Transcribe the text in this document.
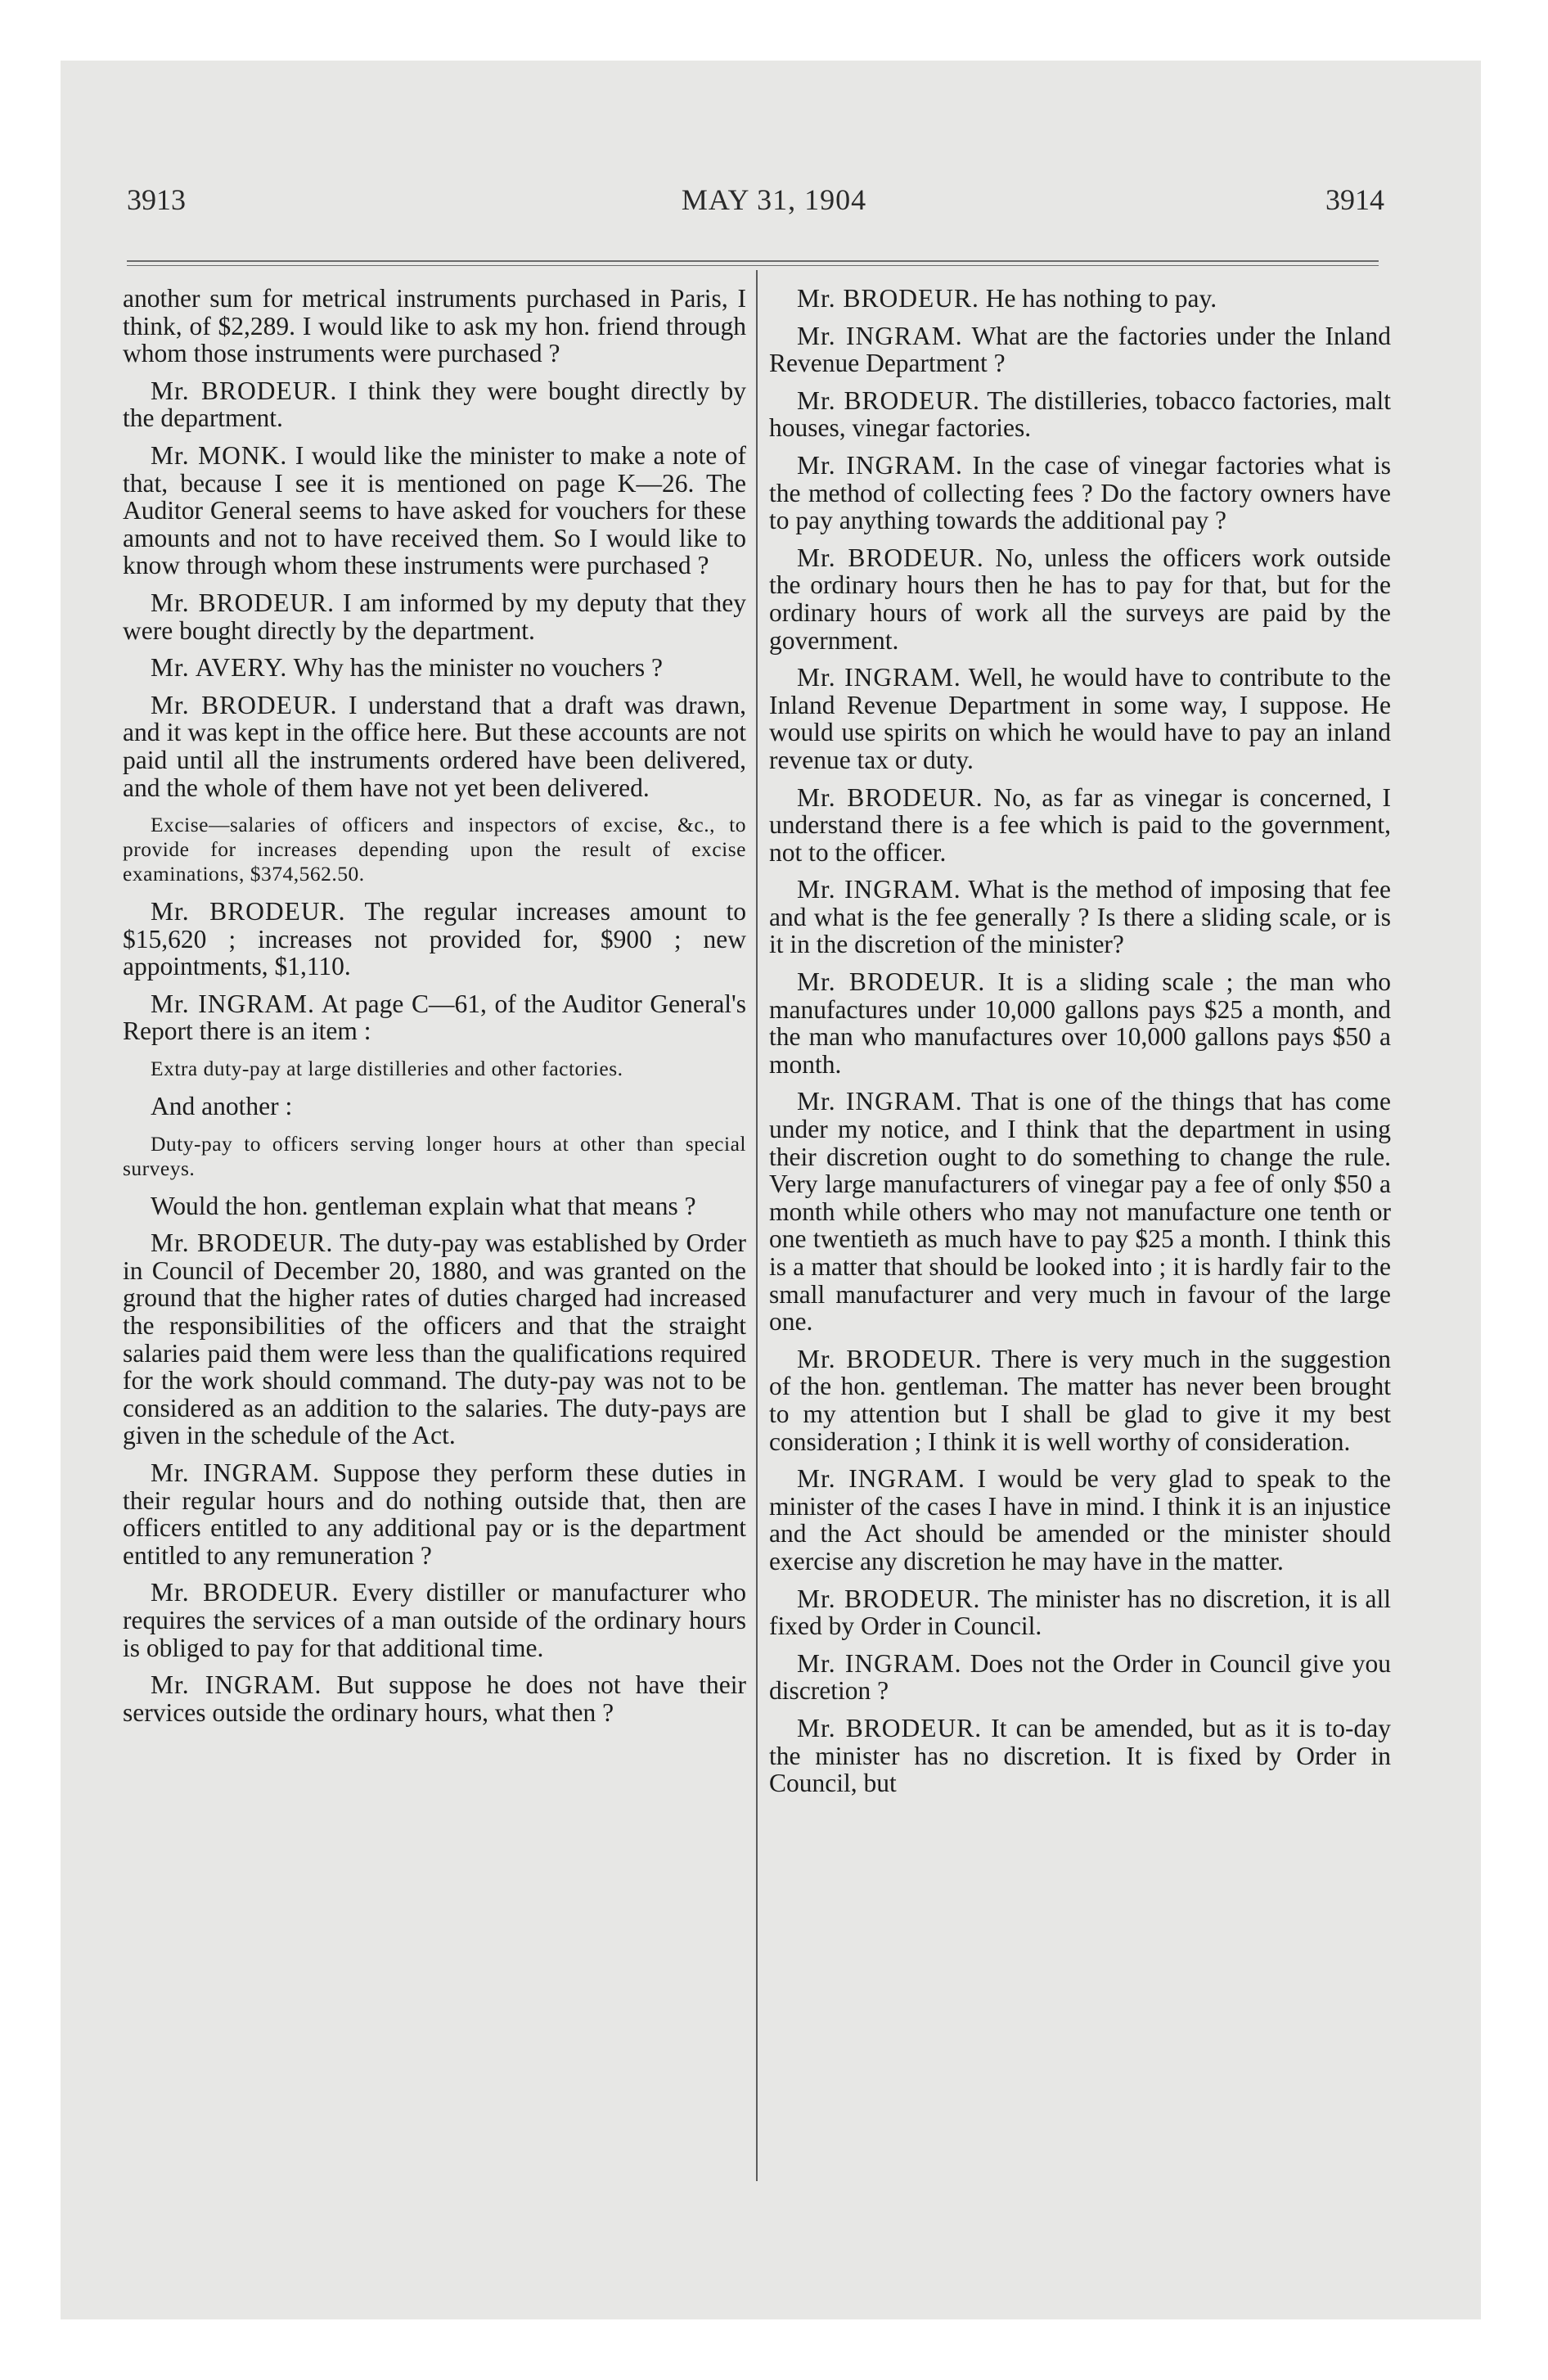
3913	MAY 31, 1904	3914

another sum for metrical instruments purchased in Paris, I think, of $2,289. I would like to ask my hon. friend through whom those instruments were purchased ?

Mr. BRODEUR. I think they were bought directly by the department.

Mr. MONK. I would like the minister to make a note of that, because I see it is mentioned on page K—26. The Auditor General seems to have asked for vouchers for these amounts and not to have received them. So I would like to know through whom these instruments were purchased ?

Mr. BRODEUR. I am informed by my deputy that they were bought directly by the department.

Mr. AVERY. Why has the minister no vouchers ?

Mr. BRODEUR. I understand that a draft was drawn, and it was kept in the office here. But these accounts are not paid until all the instruments ordered have been delivered, and the whole of them have not yet been delivered.

Excise—salaries of officers and inspectors of excise, &c., to provide for increases depending upon the result of excise examinations, $374,562.50.

Mr. BRODEUR. The regular increases amount to $15,620 ; increases not provided for, $900 ; new appointments, $1,110.

Mr. INGRAM. At page C—61, of the Auditor General's Report there is an item :

Extra duty-pay at large distilleries and other factories.

And another :

Duty-pay to officers serving longer hours at other than special surveys.

Would the hon. gentleman explain what that means ?

Mr. BRODEUR. The duty-pay was established by Order in Council of December 20, 1880, and was granted on the ground that the higher rates of duties charged had increased the responsibilities of the officers and that the straight salaries paid them were less than the qualifications required for the work should command. The duty-pay was not to be considered as an addition to the salaries. The duty-pays are given in the schedule of the Act.

Mr. INGRAM. Suppose they perform these duties in their regular hours and do nothing outside that, then are officers entitled to any additional pay or is the department entitled to any remuneration ?

Mr. BRODEUR. Every distiller or manufacturer who requires the services of a man outside of the ordinary hours is obliged to pay for that additional time.

Mr. INGRAM. But suppose he does not have their services outside the ordinary hours, what then ?

Mr. BRODEUR. He has nothing to pay.

Mr. INGRAM. What are the factories under the Inland Revenue Department ?

Mr. BRODEUR. The distilleries, tobacco factories, malt houses, vinegar factories.

Mr. INGRAM. In the case of vinegar factories what is the method of collecting fees ? Do the factory owners have to pay anything towards the additional pay ?

Mr. BRODEUR. No, unless the officers work outside the ordinary hours then he has to pay for that, but for the ordinary hours of work all the surveys are paid by the government.

Mr. INGRAM. Well, he would have to contribute to the Inland Revenue Department in some way, I suppose. He would use spirits on which he would have to pay an inland revenue tax or duty.

Mr. BRODEUR. No, as far as vinegar is concerned, I understand there is a fee which is paid to the government, not to the officer.

Mr. INGRAM. What is the method of imposing that fee and what is the fee generally ? Is there a sliding scale, or is it in the discretion of the minister?

Mr. BRODEUR. It is a sliding scale ; the man who manufactures under 10,000 gallons pays $25 a month, and the man who manufactures over 10,000 gallons pays $50 a month.

Mr. INGRAM. That is one of the things that has come under my notice, and I think that the department in using their discretion ought to do something to change the rule. Very large manufacturers of vinegar pay a fee of only $50 a month while others who may not manufacture one tenth or one twentieth as much have to pay $25 a month. I think this is a matter that should be looked into ; it is hardly fair to the small manufacturer and very much in favour of the large one.

Mr. BRODEUR. There is very much in the suggestion of the hon. gentleman. The matter has never been brought to my attention but I shall be glad to give it my best consideration ; I think it is well worthy of consideration.

Mr. INGRAM. I would be very glad to speak to the minister of the cases I have in mind. I think it is an injustice and the Act should be amended or the minister should exercise any discretion he may have in the matter.

Mr. BRODEUR. The minister has no discretion, it is all fixed by Order in Council.

Mr. INGRAM. Does not the Order in Council give you discretion ?

Mr. BRODEUR. It can be amended, but as it is to-day the minister has no discretion. It is fixed by Order in Council, but
